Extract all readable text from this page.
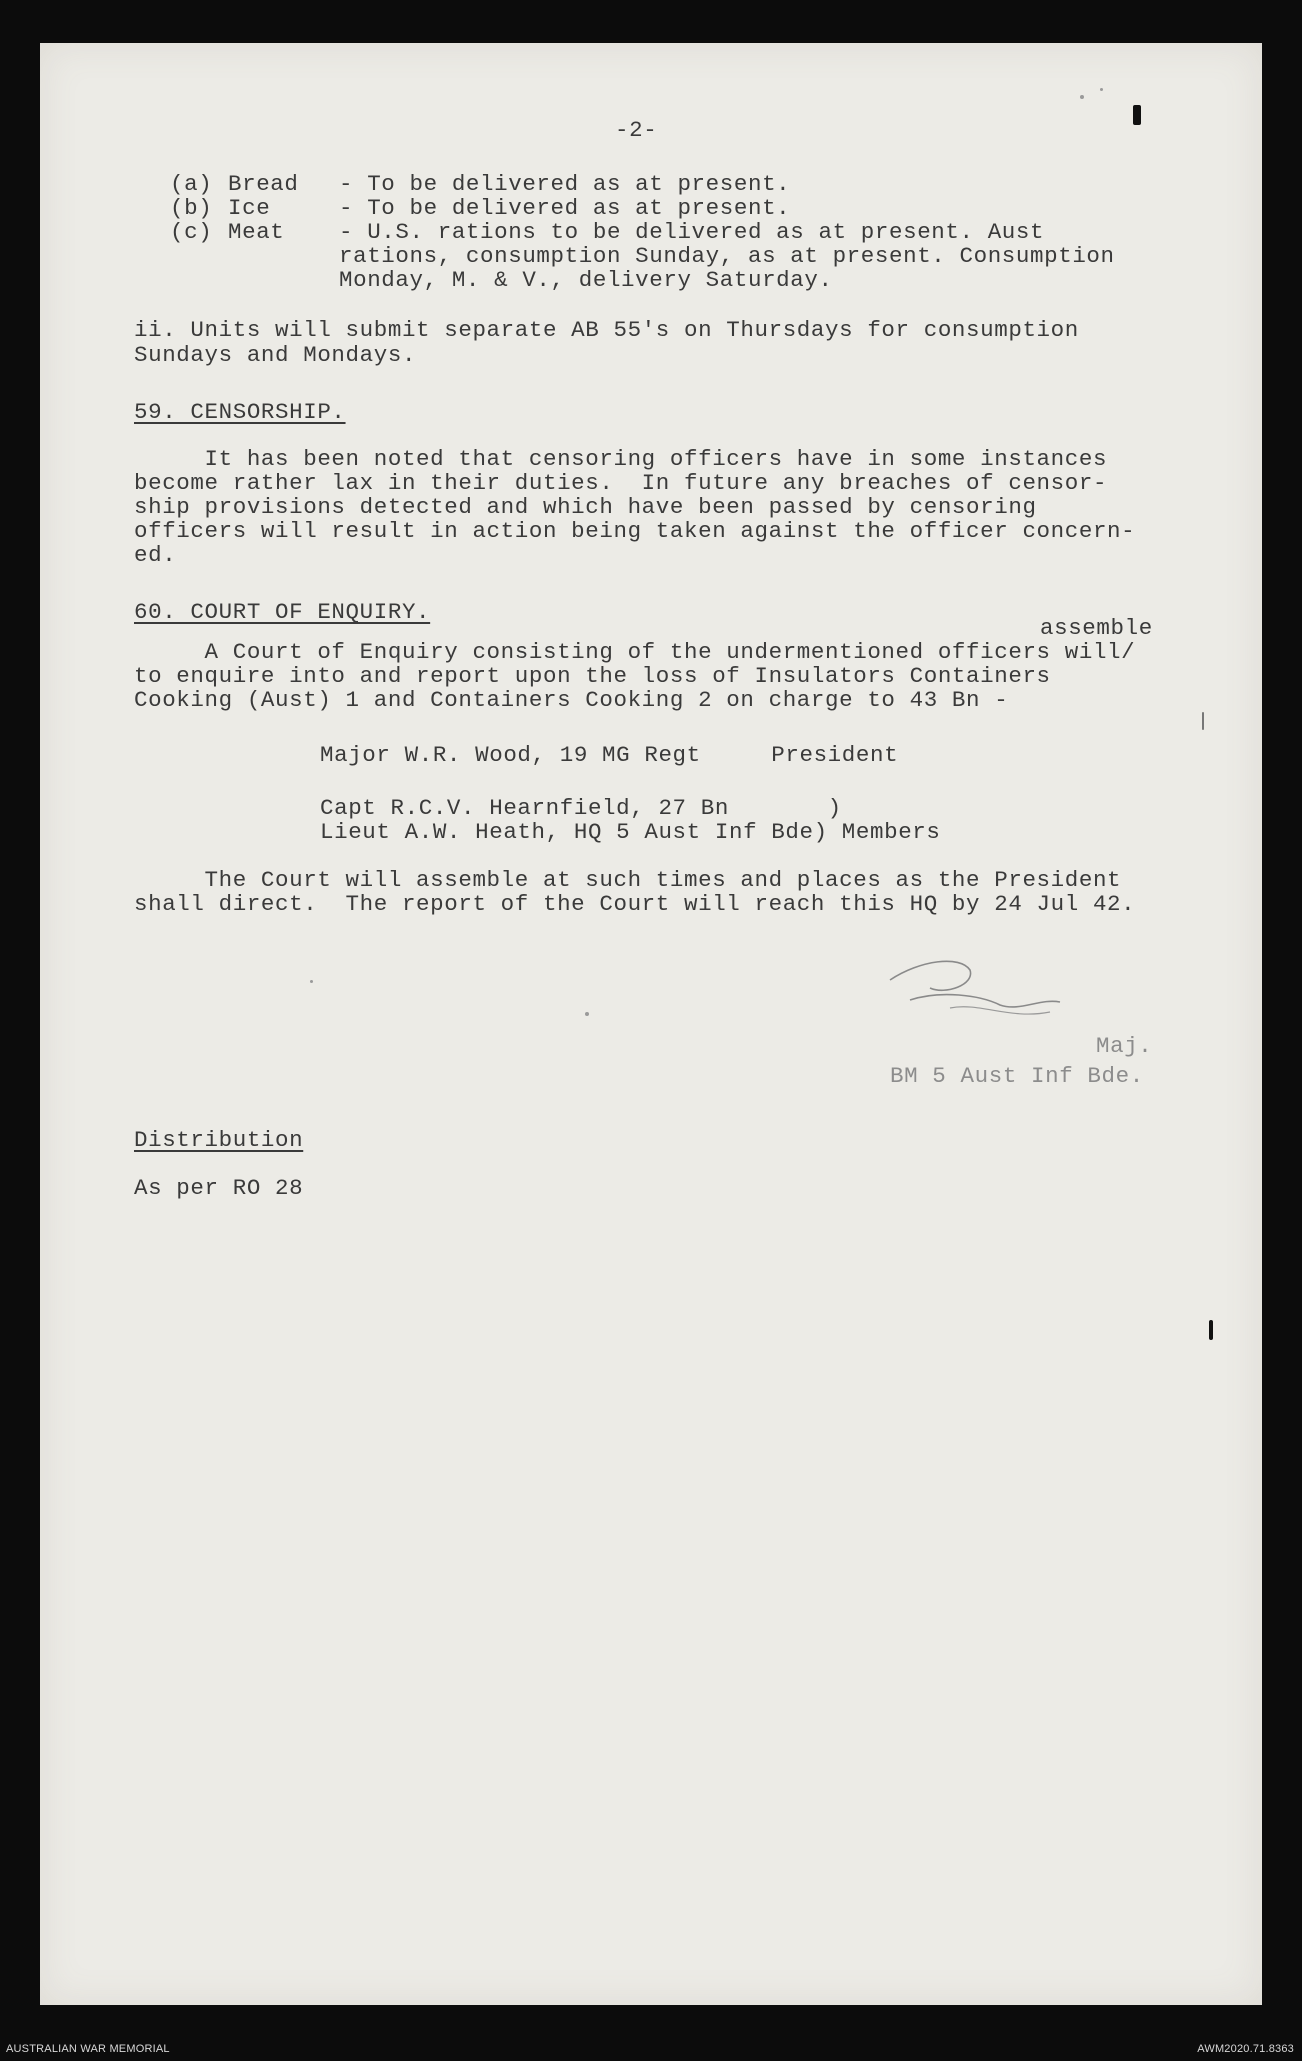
-2-
(a) Bread - To be delivered as at present.
(b) Ice	- To be delivered as at present.
(c) Meat - U.S. rations to be delivered as at present. Aust
rations, consumption Sunday, as at present. Consumption
Monday, M. & V., delivery Saturday.
ii. Units will submit separate AB 55's on Thursdays for consumption
Sundays and Mondays.
59. CENSORSHIP.
It has been noted that censoring officers have in some instances
become rather lax in their duties.  In future any breaches of censor-
ship provisions detected and which have been passed by censoring
officers will result in action being taken against the officer concern-
ed.
60. COURT OF ENQUIRY.
assemble
A Court of Enquiry consisting of the undermentioned officers will/
to enquire into and report upon the loss of Insulators Containers
Cooking (Aust) 1 and Containers Cooking 2 on charge to 43 Bn -
Major W.R. Wood, 19 MG Regt     President
Capt R.C.V. Hearnfield, 27 Bn       )
Lieut A.W. Heath, HQ 5 Aust Inf Bde) Members
The Court will assemble at such times and places as the President
shall direct.  The report of the Court will reach this HQ by 24 Jul 42.
Maj.
BM 5 Aust Inf Bde.
Distribution
As per RO 28
AUSTRALIAN WAR MEMORIAL	AWM2020.71.8363
